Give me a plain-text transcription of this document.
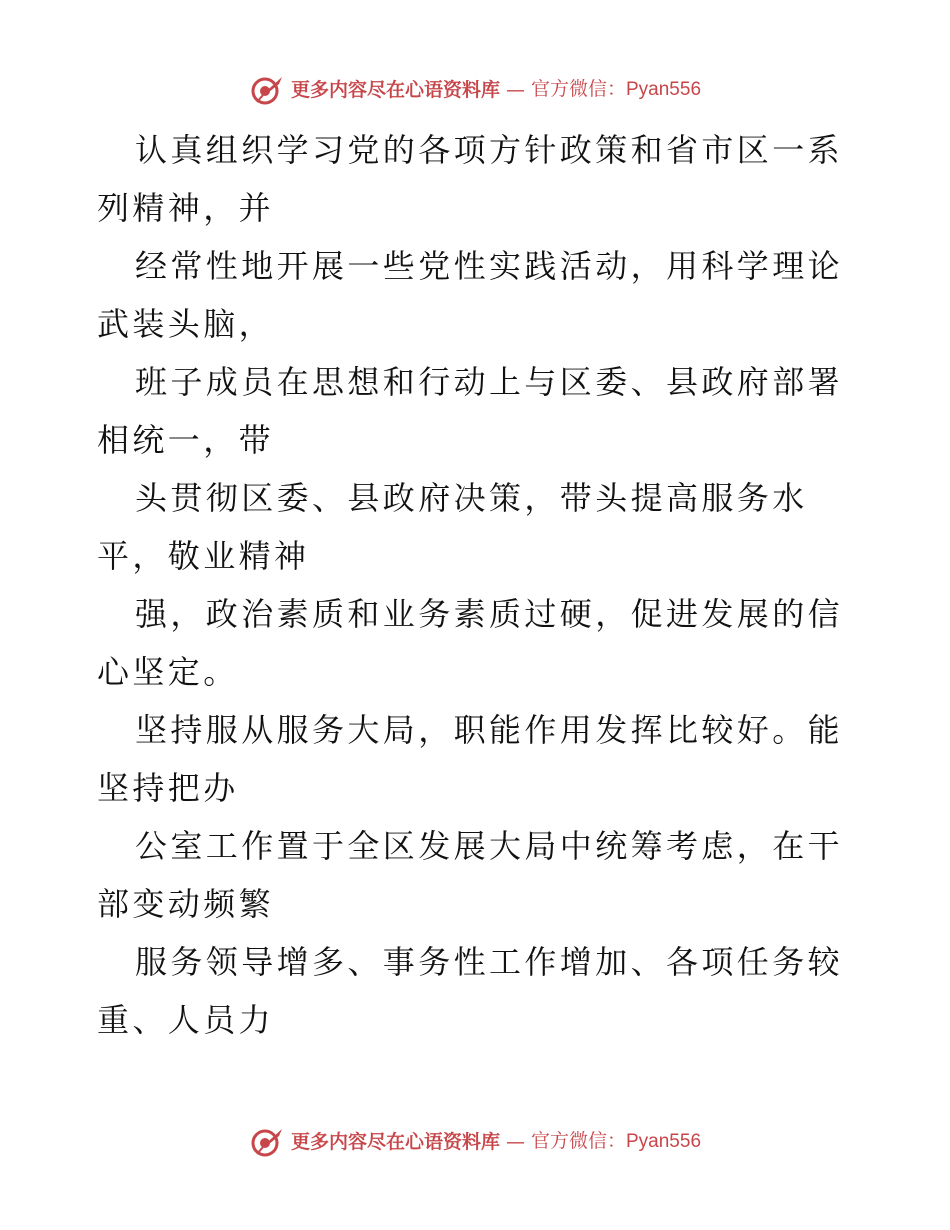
更多内容尽在心语资料库 — 官方微信：Pyan556

认真组织学习党的各项方针政策和省市区一系列精神，并

经常性地开展一些党性实践活动，用科学理论武装头脑，

班子成员在思想和行动上与区委、县政府部署相统一，带

头贯彻区委、县政府决策，带头提高服务水平，敬业精神

强，政治素质和业务素质过硬，促进发展的信心坚定。

坚持服从服务大局，职能作用发挥比较好。能坚持把办

公室工作置于全区发展大局中统筹考虑，在干部变动频繁

服务领导增多、事务性工作增加、各项任务较重、人员力

更多内容尽在心语资料库 — 官方微信：Pyan556
